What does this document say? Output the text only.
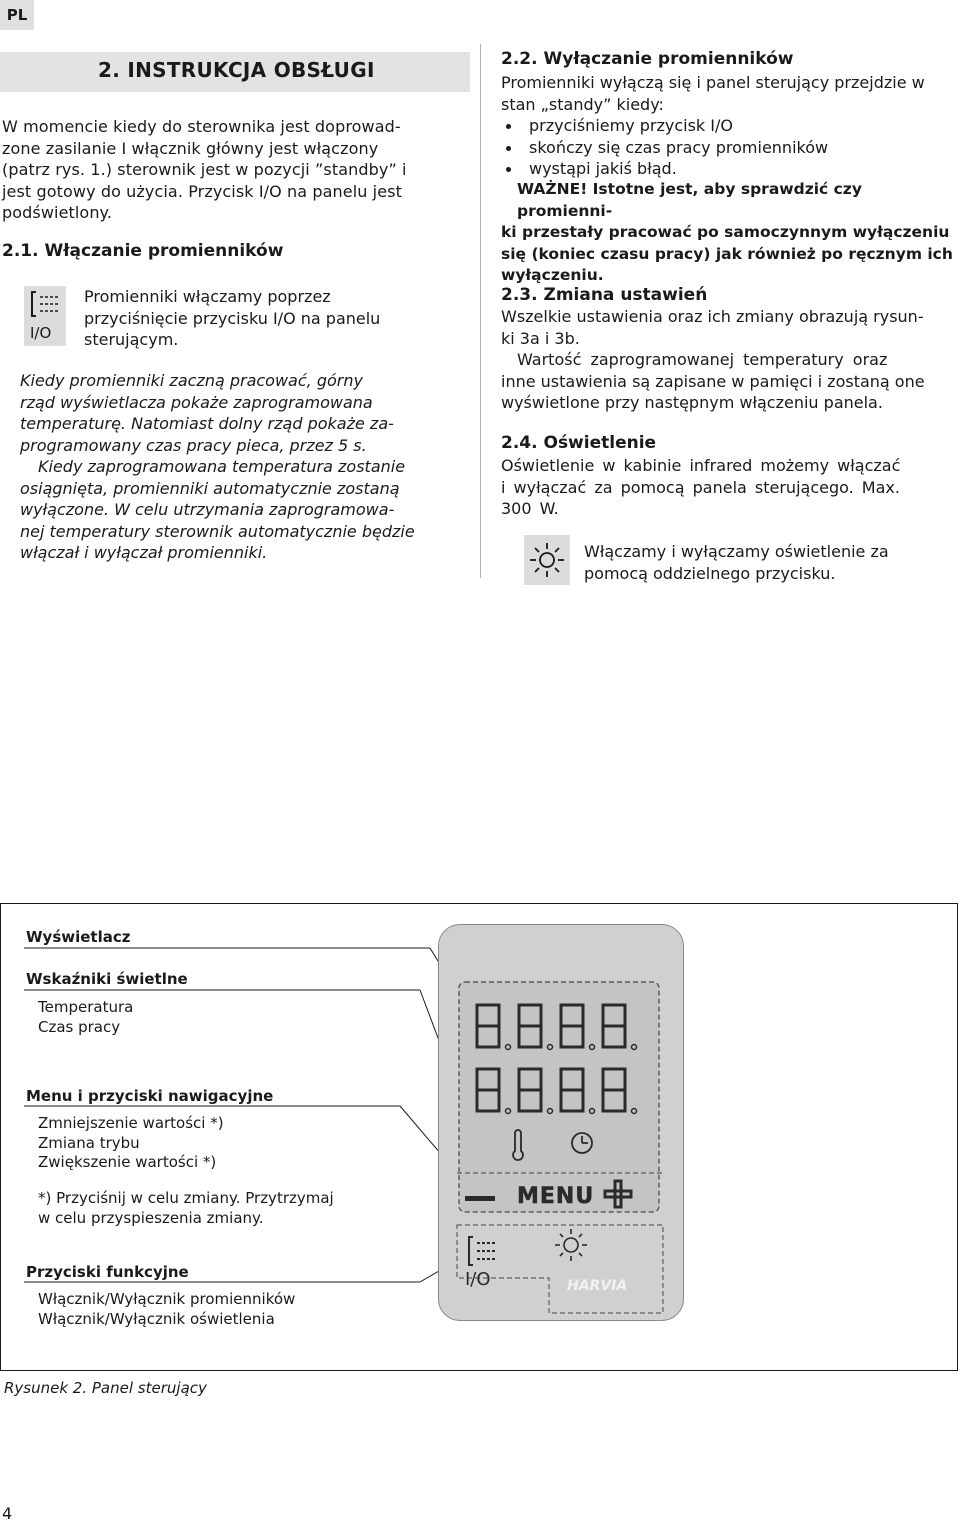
PL
2. INSTRUKCJA OBSŁUGI
W momencie kiedy do sterownika jest doprowad-
zone zasilanie I włącznik główny jest włączony
(patrz rys. 1.) sterownik jest w pozycji ”standby” i
jest gotowy do użycia. Przycisk I/O na panelu jest
podświetlony.
2.1. Włączanie promienników
I/O
Promienniki włączamy poprzez
przyciśnięcie przycisku I/O na panelu
sterującym.
Kiedy promienniki zaczną pracować, górny
rząd wyświetlacza pokaże zaprogramowana
temperaturę. Natomiast dolny rząd pokaże za-
programowany czas pracy pieca, przez 5 s.
Kiedy zaprogramowana temperatura zostanie
osiągnięta, promienniki automatycznie zostaną
wyłączone. W celu utrzymania zaprogramowa-
nej temperatury sterownik automatycznie będzie
włączał i wyłączał promienniki.
2.2. Wyłączanie promienników
Promienniki wyłączą się i panel sterujący przejdzie w
stan „standy” kiedy:
przyciśniemy przycisk I/O
skończy się czas pracy promienników
wystąpi jakiś błąd.
WAŻNE! Istotne jest, aby sprawdzić czy promienni-
ki przestały pracować po samoczynnym wyłączeniu
się (koniec czasu pracy) jak również po ręcznym ich
wyłączeniu.
2.3. Zmiana ustawień
Wszelkie ustawienia oraz ich zmiany obrazują rysun-
ki 3a i 3b.
Wartość zaprogramowanej temperatury oraz
inne ustawienia są zapisane w pamięci i zostaną one
wyświetlone przy następnym włączeniu panela.
2.4. Oświetlenie
Oświetlenie w kabinie infrared możemy włączać
i wyłączać za pomocą panela sterującego. Max.
300 W.
Włączamy i wyłączamy oświetlenie za
pomocą oddzielnego przycisku.
Wyświetlacz
Wskaźniki świetlne
Temperatura
Czas pracy
Menu i przyciski nawigacyjne
Zmniejszenie wartości *)
Zmiana trybu
Zwiększenie wartości *)
*) Przyciśnij w celu zmiany. Przytrzymaj
w celu przyspieszenia zmiany.
Przyciski funkcyjne
Włącznik/Wyłącznik promienników
Włącznik/Wyłącznik oświetlenia
MENU
I/O	HARVIA
Rysunek 2. Panel sterujący
4
